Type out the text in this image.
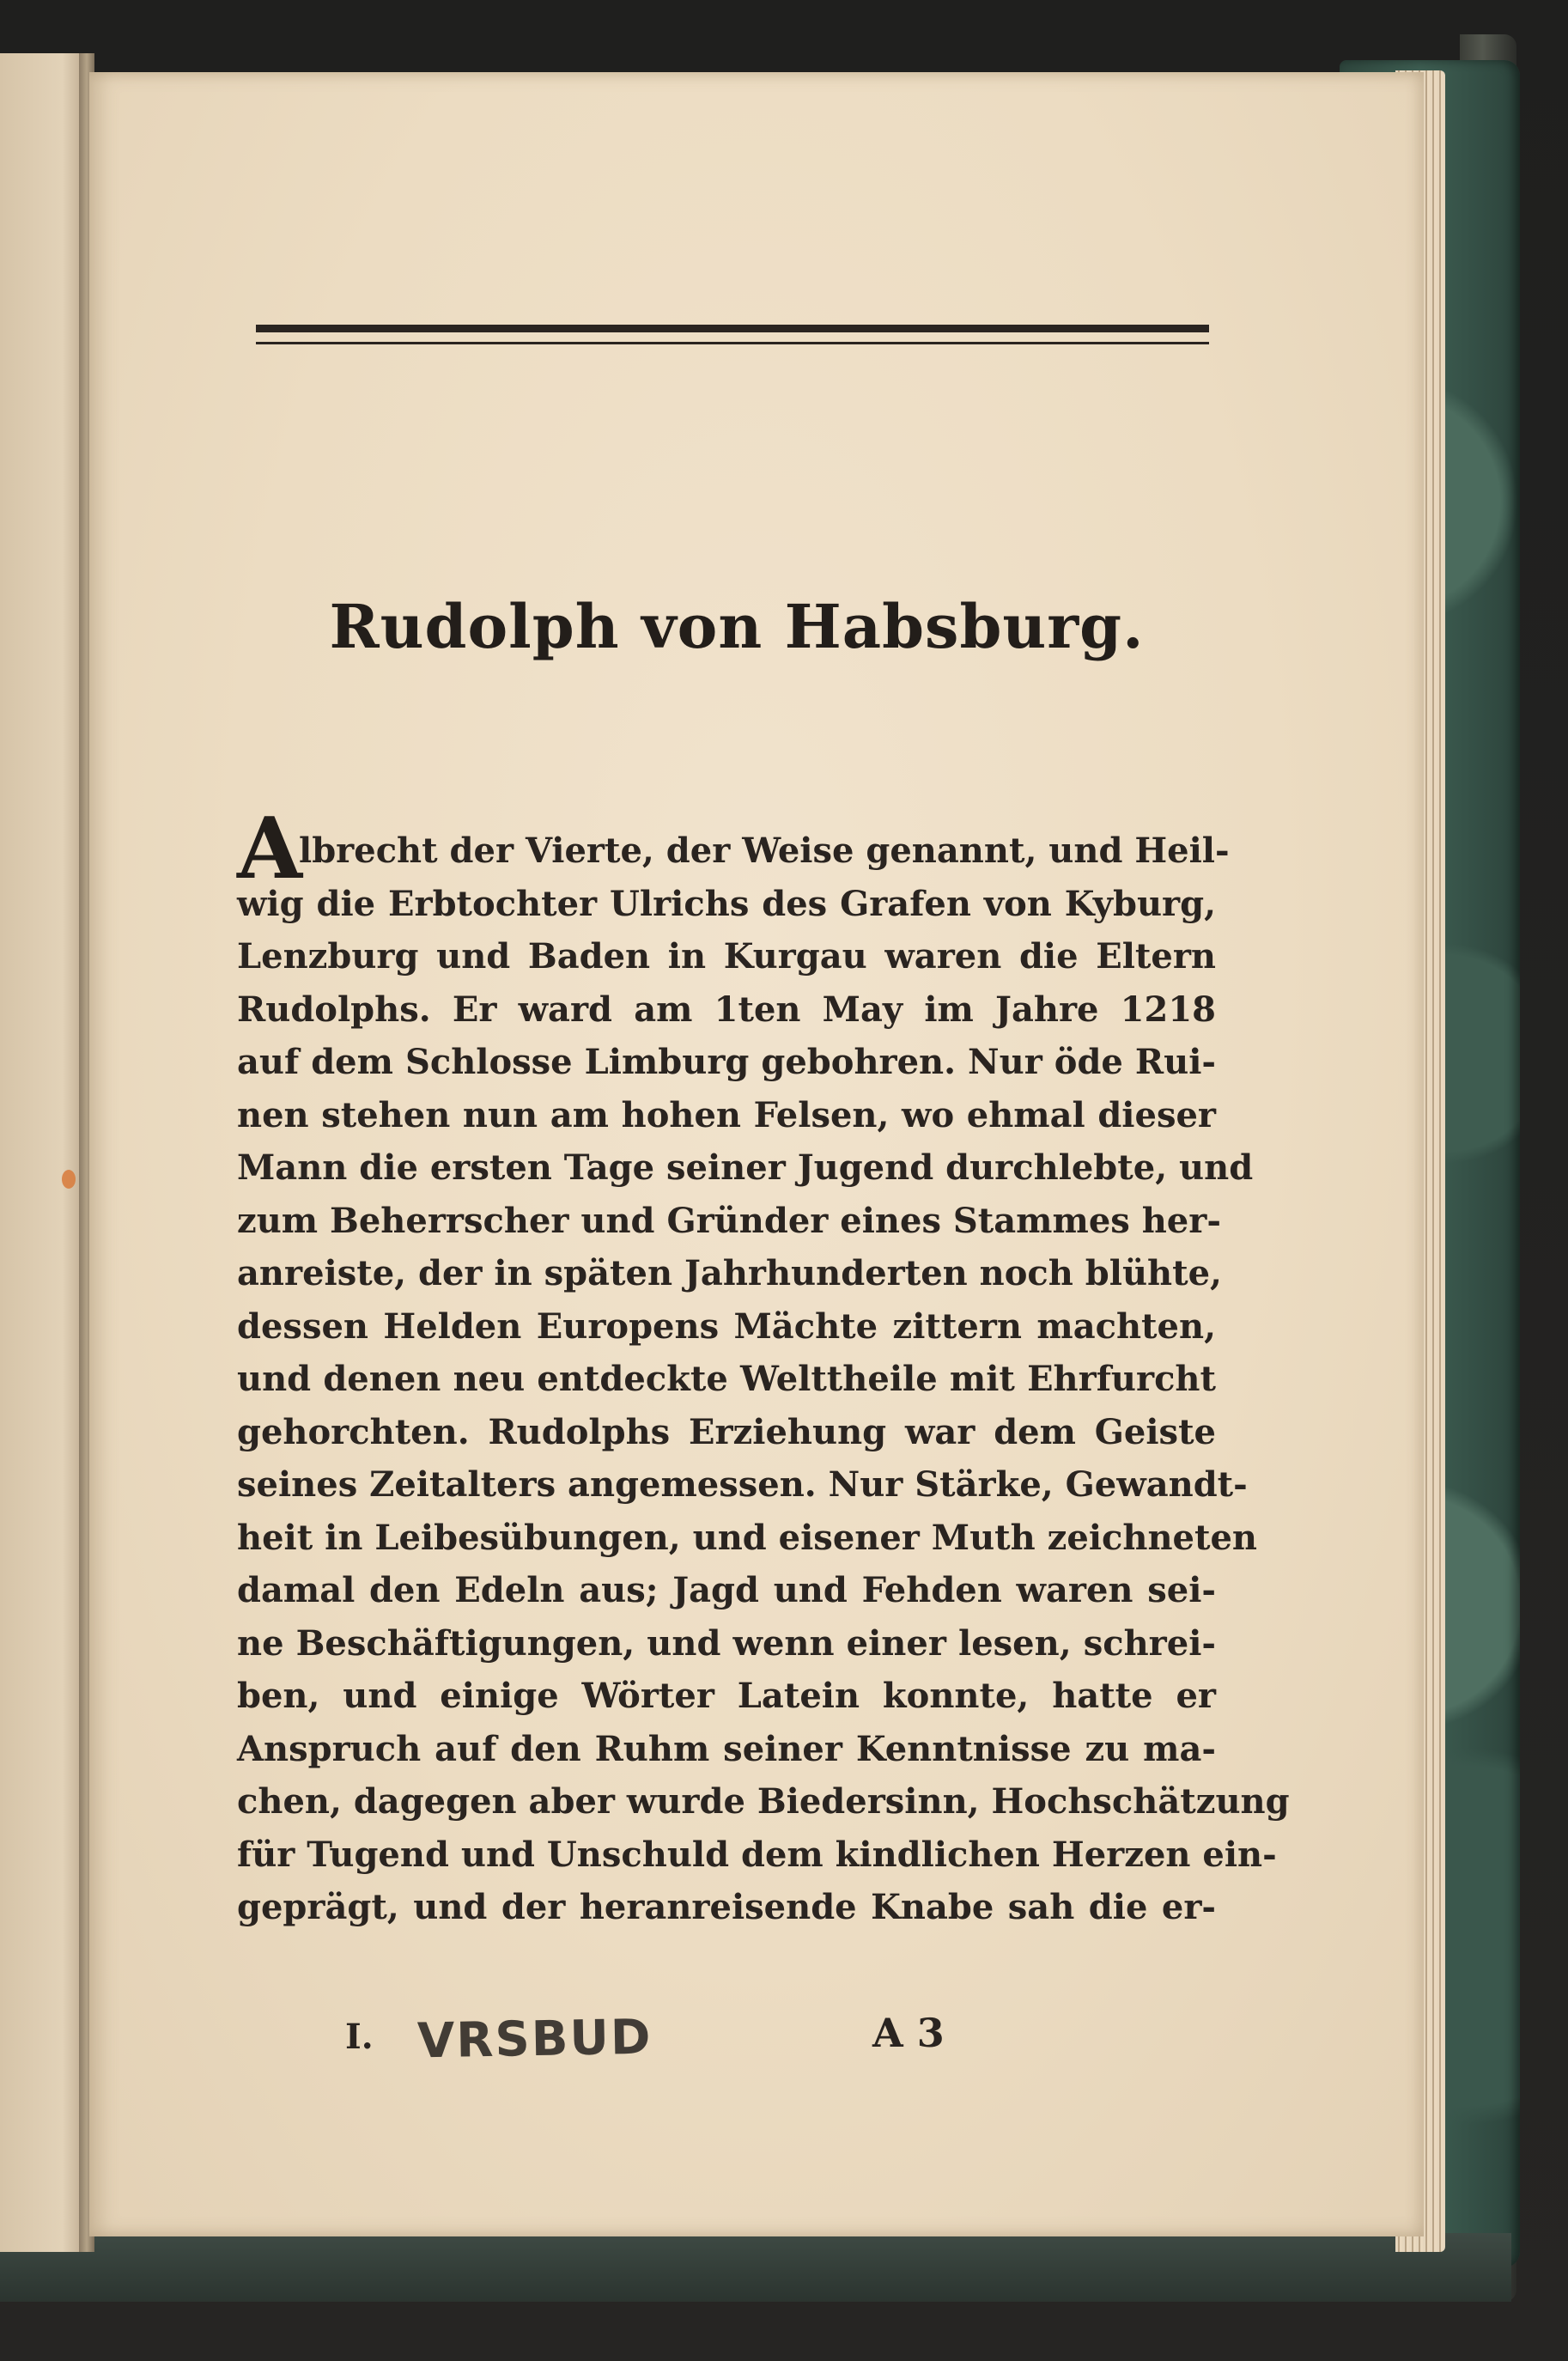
Rudolph von Habsburg.
A
lbrecht der Vierte, der Weise genannt, und Heil-
wig die Erbtochter Ulrichs des Grafen von Kyburg,
Lenzburg und Baden in Kurgau waren die Eltern
Rudolphs. Er ward am 1ten May im Jahre 1218
auf dem Schlosse Limburg gebohren. Nur öde Rui-
nen stehen nun am hohen Felsen, wo ehmal dieser
Mann die ersten Tage seiner Jugend durchlebte, und
zum Beherrscher und Gründer eines Stammes her-
anreiste, der in späten Jahrhunderten noch blühte,
dessen Helden Europens Mächte zittern machten,
und denen neu entdeckte Welttheile mit Ehrfurcht
gehorchten. Rudolphs Erziehung war dem Geiste
seines Zeitalters angemessen. Nur Stärke, Gewandt-
heit in Leibesübungen, und eisener Muth zeichneten
damal den Edeln aus; Jagd und Fehden waren sei-
ne Beschäftigungen, und wenn einer lesen, schrei-
ben, und einige Wörter Latein konnte, hatte er
Anspruch auf den Ruhm seiner Kenntnisse zu ma-
chen, dagegen aber wurde Biedersinn, Hochschätzung
für Tugend und Unschuld dem kindlichen Herzen ein-
geprägt, und der heranreisende Knabe sah die er-
I. VRSBUD	A 3
